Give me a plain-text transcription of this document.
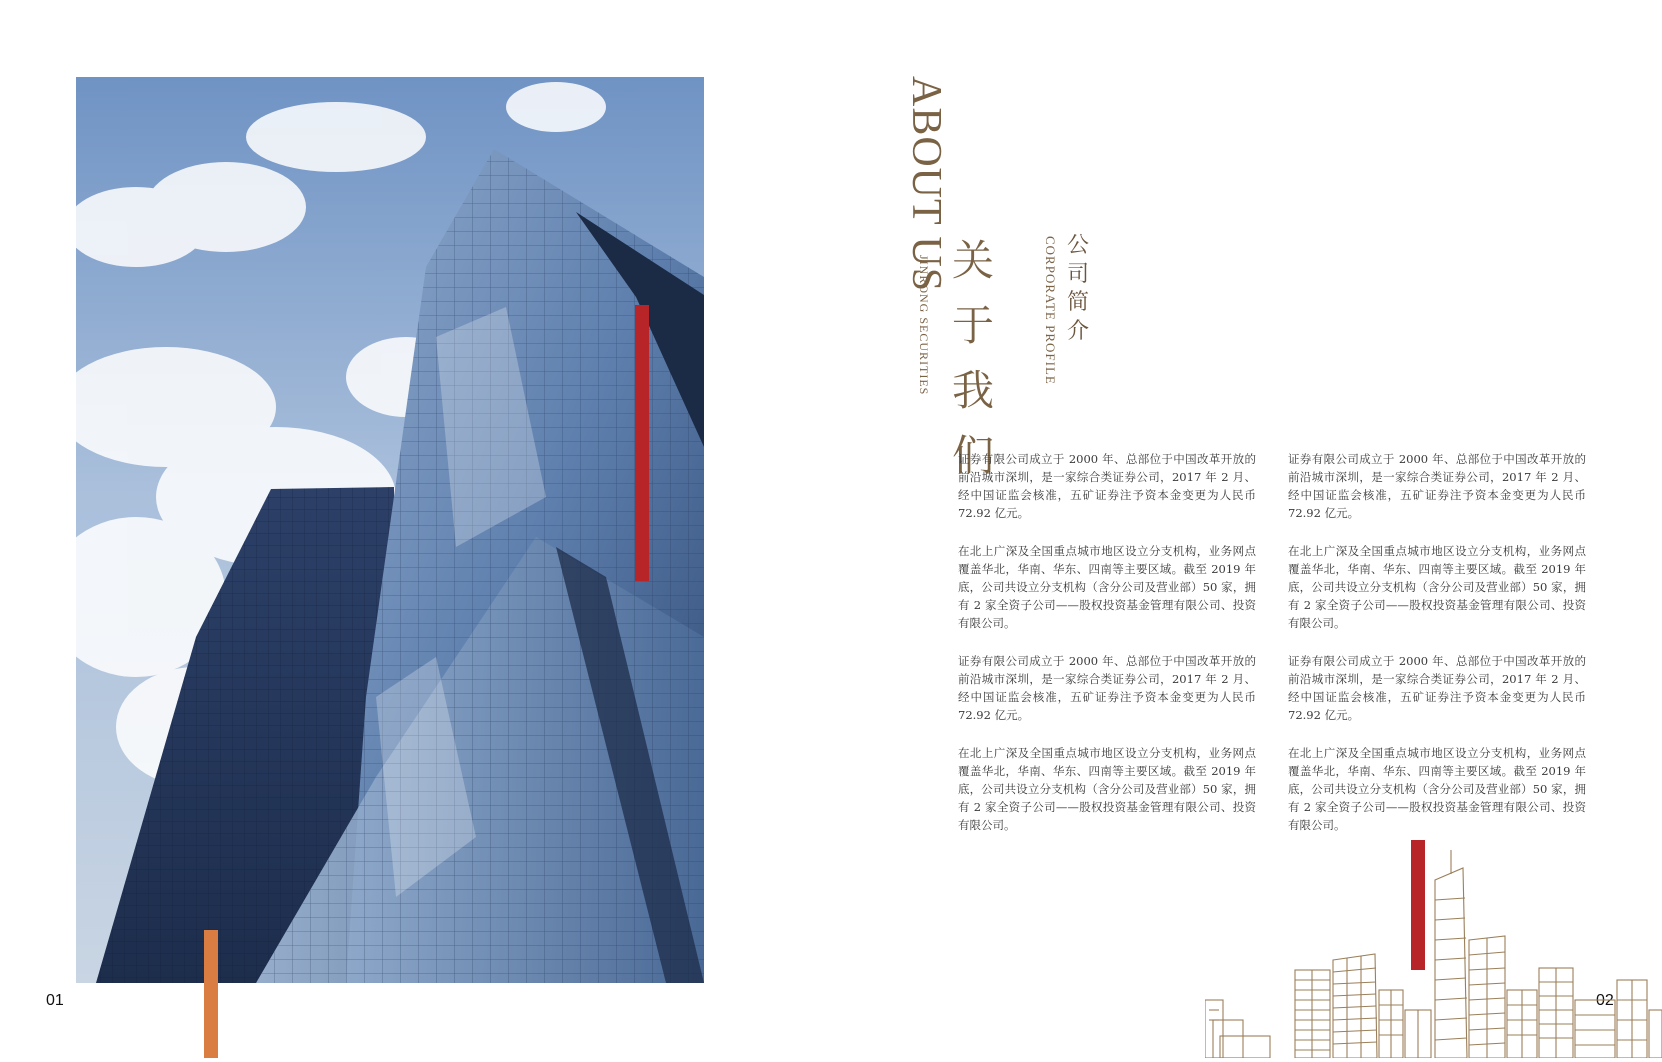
01	02
ABOUT US
JINRONG SECURITIES 关于我们
CORPORATE PROFILE 公司简介

证券有限公司成立于 2000 年、总部位于中国改革开放的前沿城市深圳，是一家综合类证券公司，2017 年 2 月、经中国证监会核准，五矿证券注予资本金变更为人民币 72.92 亿元。

在北上广深及全国重点城市地区设立分支机构，业务网点覆盖华北，华南、华东、四南等主要区域。截至 2019 年底，公司共设立分支机构（含分公司及营业部）50 家，拥有 2 家全资子公司——股权投资基金管理有限公司、投资有限公司。

证券有限公司成立于 2000 年、总部位于中国改革开放的前沿城市深圳，是一家综合类证券公司，2017 年 2 月、经中国证监会核准，五矿证券注予资本金变更为人民币 72.92 亿元。

在北上广深及全国重点城市地区设立分支机构，业务网点覆盖华北，华南、华东、四南等主要区域。截至 2019 年底，公司共设立分支机构（含分公司及营业部）50 家，拥有 2 家全资子公司——股权投资基金管理有限公司、投资有限公司。

证券有限公司成立于 2000 年、总部位于中国改革开放的前沿城市深圳，是一家综合类证券公司，2017 年 2 月、经中国证监会核准，五矿证券注予资本金变更为人民币 72.92 亿元。

在北上广深及全国重点城市地区设立分支机构，业务网点覆盖华北，华南、华东、四南等主要区域。截至 2019 年底，公司共设立分支机构（含分公司及营业部）50 家，拥有 2 家全资子公司——股权投资基金管理有限公司、投资有限公司。

证券有限公司成立于 2000 年、总部位于中国改革开放的前沿城市深圳，是一家综合类证券公司，2017 年 2 月、经中国证监会核准，五矿证券注予资本金变更为人民币 72.92 亿元。

在北上广深及全国重点城市地区设立分支机构，业务网点覆盖华北，华南、华东、四南等主要区域。截至 2019 年底，公司共设立分支机构（含分公司及营业部）50 家，拥有 2 家全资子公司——股权投资基金管理有限公司、投资有限公司。
